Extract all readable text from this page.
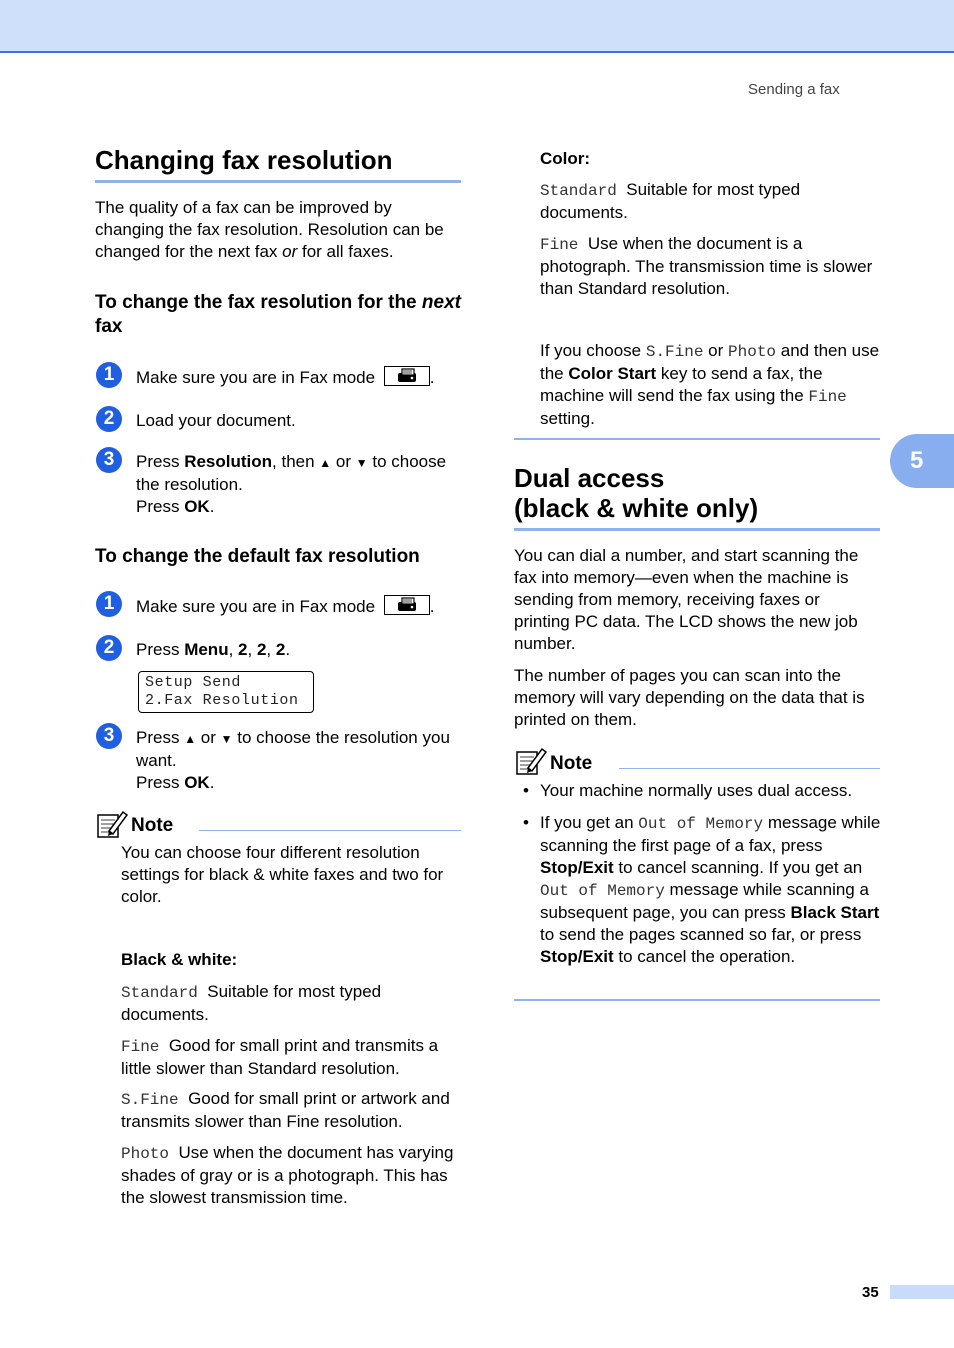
Sending a fax
Changing fax resolution
The quality of a fax can be improved by changing the fax resolution. Resolution can be changed for the next fax or for all faxes.
To change the fax resolution for the next fax
1	Make sure you are in Fax mode	.
2	Load your document.
3	Press Resolution, then ▲ or ▼ to choose the resolution.
Press OK.
To change the default fax resolution
1	Make sure you are in Fax mode	.
2	Press Menu, 2, 2, 2.
Setup Send
2.Fax Resolution
3	Press ▲ or ▼ to choose the resolution you want.
Press OK.
Note
You can choose four different resolution settings for black & white faxes and two for color.
Black & white:
Standard Suitable for most typed documents.
Fine Good for small print and transmits a little slower than Standard resolution.
S.Fine Good for small print or artwork and transmits slower than Fine resolution.
Photo Use when the document has varying shades of gray or is a photograph. This has the slowest transmission time.
Color:
Standard Suitable for most typed documents.
Fine Use when the document is a photograph. The transmission time is slower than Standard resolution.
If you choose S.Fine or Photo and then use the Color Start key to send a fax, the machine will send the fax using the Fine setting.
Dual access
(black & white only)
You can dial a number, and start scanning the fax into memory—even when the machine is sending from memory, receiving faxes or printing PC data. The LCD shows the new job number.
The number of pages you can scan into the memory will vary depending on the data that is printed on them.
Note
• Your machine normally uses dual access.
• If you get an Out of Memory message while scanning the first page of a fax, press Stop/Exit to cancel scanning. If you get an Out of Memory message while scanning a subsequent page, you can press Black Start to send the pages scanned so far, or press Stop/Exit to cancel the operation.
5
35
